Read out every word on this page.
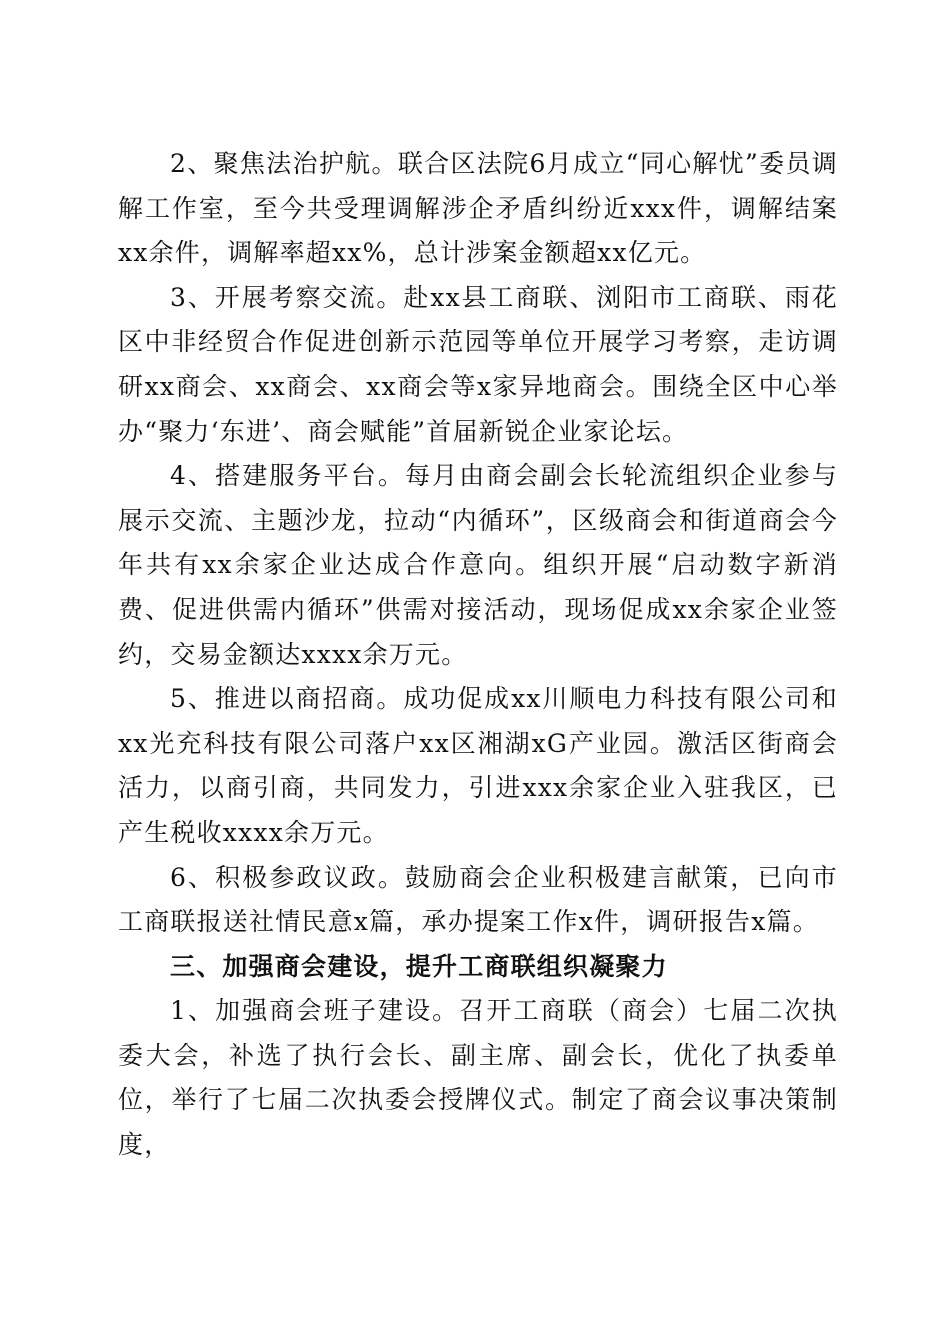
2、聚焦法治护航。联合区法院6月成立“同心解忧”委员调解工作室，至今共受理调解涉企矛盾纠纷近xxx件，调解结案xx余件，调解率超xx%，总计涉案金额超xx亿元。

3、开展考察交流。赴xx县工商联、浏阳市工商联、雨花区中非经贸合作促进创新示范园等单位开展学习考察，走访调研xx商会、xx商会、xx商会等x家异地商会。围绕全区中心举办“聚力‘东进’、商会赋能”首届新锐企业家论坛。

4、搭建服务平台。每月由商会副会长轮流组织企业参与展示交流、主题沙龙，拉动“内循环”，区级商会和街道商会今年共有xx余家企业达成合作意向。组织开展“启动数字新消费、促进供需内循环”供需对接活动，现场促成xx余家企业签约，交易金额达xxxx余万元。

5、推进以商招商。成功促成xx川顺电力科技有限公司和xx光充科技有限公司落户xx区湘湖xG产业园。激活区街商会活力，以商引商，共同发力，引进xxx余家企业入驻我区，已产生税收xxxx余万元。

6、积极参政议政。鼓励商会企业积极建言献策，已向市工商联报送社情民意x篇，承办提案工作x件，调研报告x篇。

三、加强商会建设，提升工商联组织凝聚力

1、加强商会班子建设。召开工商联（商会）七届二次执委大会，补选了执行会长、副主席、副会长，优化了执委单位，举行了七届二次执委会授牌仪式。制定了商会议事决策制度，
